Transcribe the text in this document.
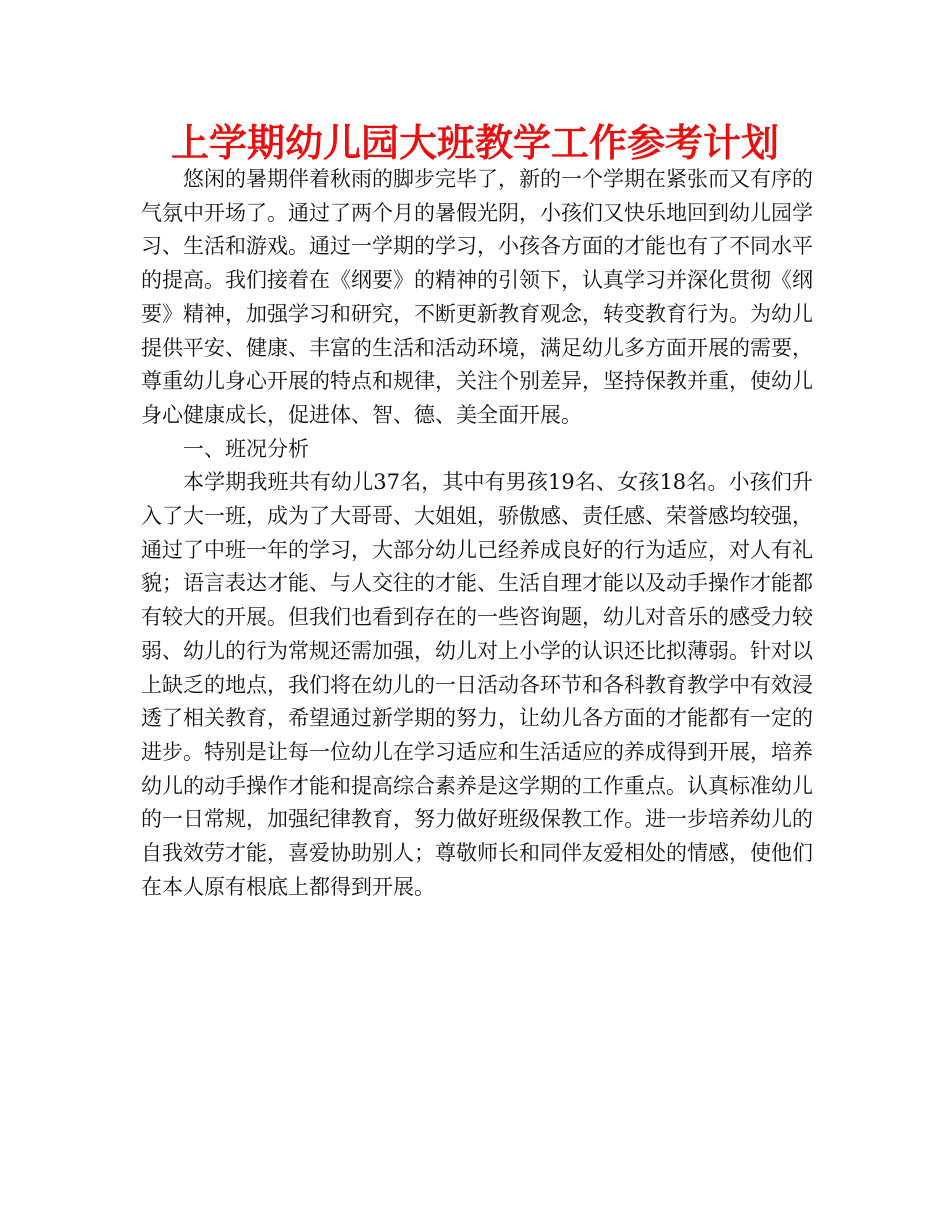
上学期幼儿园大班教学工作参考计划

悠闲的暑期伴着秋雨的脚步完毕了，新的一个学期在紧张而又有序的气氛中开场了。通过了两个月的暑假光阴，小孩们又快乐地回到幼儿园学习、生活和游戏。通过一学期的学习，小孩各方面的才能也有了不同水平的提高。我们接着在《纲要》的精神的引领下，认真学习并深化贯彻《纲要》精神，加强学习和研究，不断更新教育观念，转变教育行为。为幼儿提供平安、健康、丰富的生活和活动环境，满足幼儿多方面开展的需要，尊重幼儿身心开展的特点和规律，关注个别差异，坚持保教并重，使幼儿身心健康成长，促进体、智、德、美全面开展。

一、班况分析

本学期我班共有幼儿37名，其中有男孩19名、女孩18名。小孩们升入了大一班，成为了大哥哥、大姐姐，骄傲感、责任感、荣誉感均较强，通过了中班一年的学习，大部分幼儿已经养成良好的行为适应，对人有礼貌；语言表达才能、与人交往的才能、生活自理才能以及动手操作才能都有较大的开展。但我们也看到存在的一些咨询题，幼儿对音乐的感受力较弱、幼儿的行为常规还需加强，幼儿对上小学的认识还比拟薄弱。针对以上缺乏的地点，我们将在幼儿的一日活动各环节和各科教育教学中有效浸透了相关教育，希望通过新学期的努力，让幼儿各方面的才能都有一定的进步。特别是让每一位幼儿在学习适应和生活适应的养成得到开展，培养幼儿的动手操作才能和提高综合素养是这学期的工作重点。认真标准幼儿的一日常规，加强纪律教育，努力做好班级保教工作。进一步培养幼儿的自我效劳才能，喜爱协助别人；尊敬师长和同伴友爱相处的情感，使他们在本人原有根底上都得到开展。
